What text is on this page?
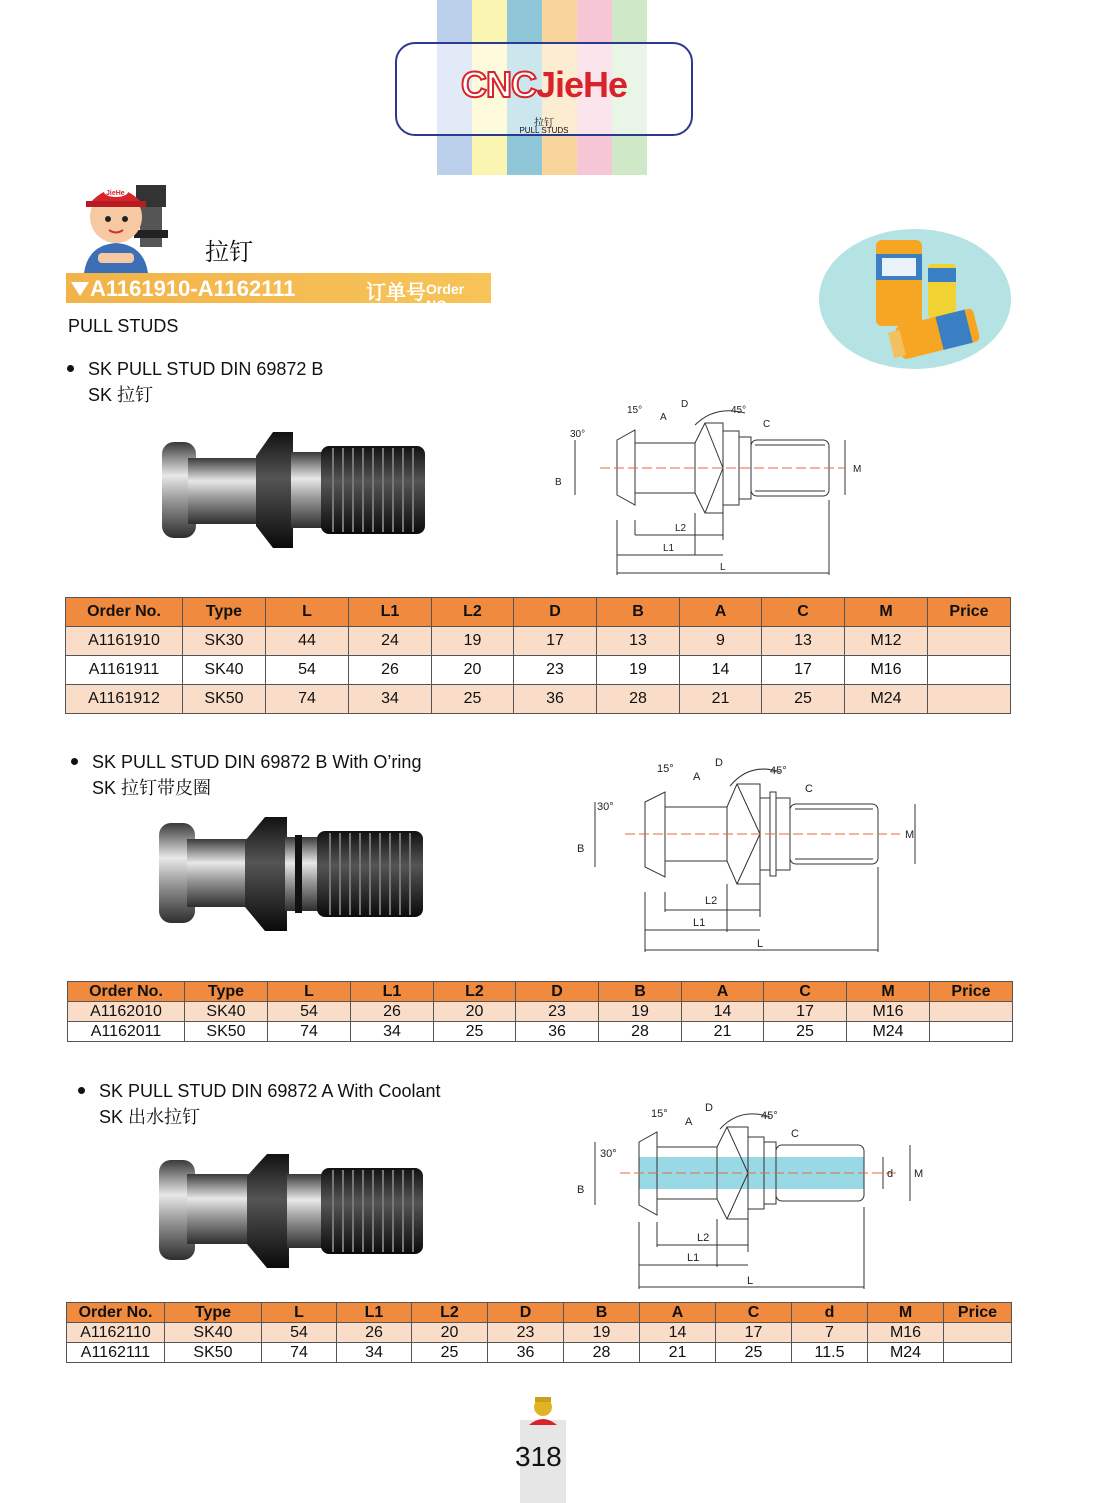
CNCJieHe
拉钉
PULL STUDS
JieHe
拉钉
A1161910-A1162111	订单号 Order NO.
PULL STUDS
SK PULL STUD DIN 69872 B
SK 拉钉
15°
30°
45°
A
D
C
B
M
L2
L1
L
Order No.	Type	L	L1	L2	D	B	A	C	M	Price
A1161910	SK30	44	24	19	17	13	9	13	M12	
A1161911	SK40	54	26	20	23	19	14	17	M16	
A1161912	SK50	74	34	25	36	28	21	25	M24	
SK PULL STUD DIN 69872 B With O’ring
SK 拉钉带皮圈
15°
30°
45°
A
D
C
B
M
L2
L1
L
Order No.	Type	L	L1	L2	D	B	A	C	M	Price
A1162010	SK40	54	26	20	23	19	14	17	M16	
A1162011	SK50	74	34	25	36	28	21	25	M24	
SK PULL STUD DIN 69872 A With Coolant
SK 出水拉钉	15°
30°
45°
A
D
C
B
d M
L2
L1
L
Order No.	Type	L	L1	L2	D	B	A	C	d	M	Price
A1162110	SK40	54	26	20	23	19	14	17	7	M16	
A1162111	SK50	74	34	25	36	28	21	25	11.5	M24	
318
